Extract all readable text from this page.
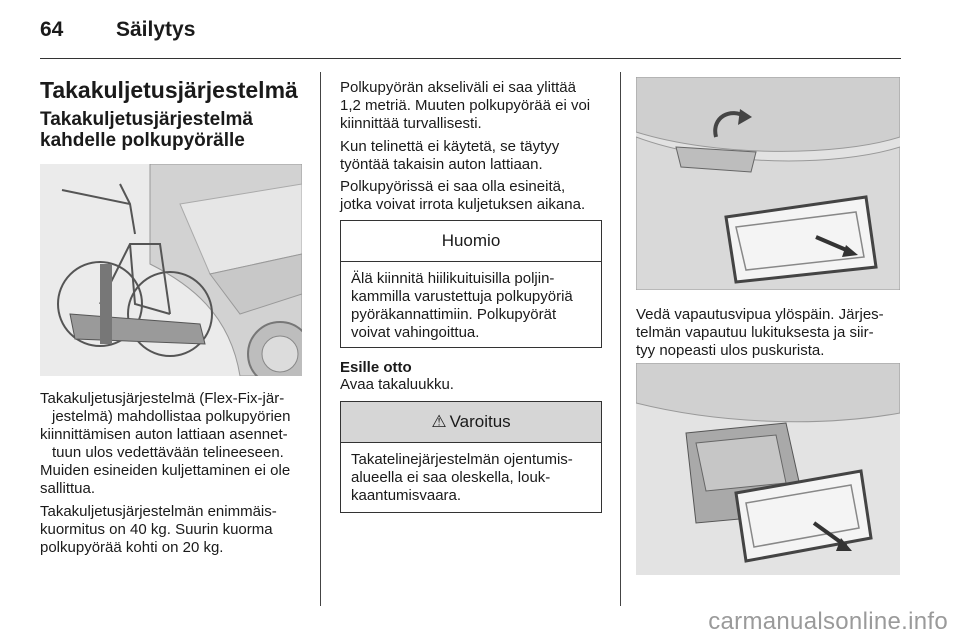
64	Säilytys
Takakuljetusjärjestelmä
Takakuljetusjärjestelmä
kahdelle polkupyörälle
Takakuljetusjärjestelmä (Flex-Fix-jär-
jestelmä) mahdollistaa polkupyörien
kiinnittämisen auton lattiaan asennet-
tuun ulos vedettävään telineeseen.
Muiden esineiden kuljettaminen ei ole
sallittua.
Takakuljetusjärjestelmän enimmäis-
kuormitus on 40 kg. Suurin kuorma
polkupyörää kohti on 20 kg.
Polkupyörän akseliväli ei saa ylittää
1,2 metriä. Muuten polkupyörää ei voi
kiinnittää turvallisesti.
Kun telinettä ei käytetä, se täytyy
työntää takaisin auton lattiaan.
Polkupyörissä ei saa olla esineitä,
jotka voivat irrota kuljetuksen aikana.
Huomio
Älä kiinnitä hiilikuituisilla poljin-
kammilla varustettuja polkupyöriä
pyöräkannattimiin. Polkupyörät
voivat vahingoittua.
Esille otto
Avaa takaluukku.
⚠ Varoitus
Takatelinejärjestelmän ojentumis-
alueella ei saa oleskella, louk-
kaantumisvaara.
Vedä vapautusvipua ylöspäin. Järjes-
telmän vapautuu lukituksesta ja siir-
tyy nopeasti ulos puskurista.
carmanualsonline.info
